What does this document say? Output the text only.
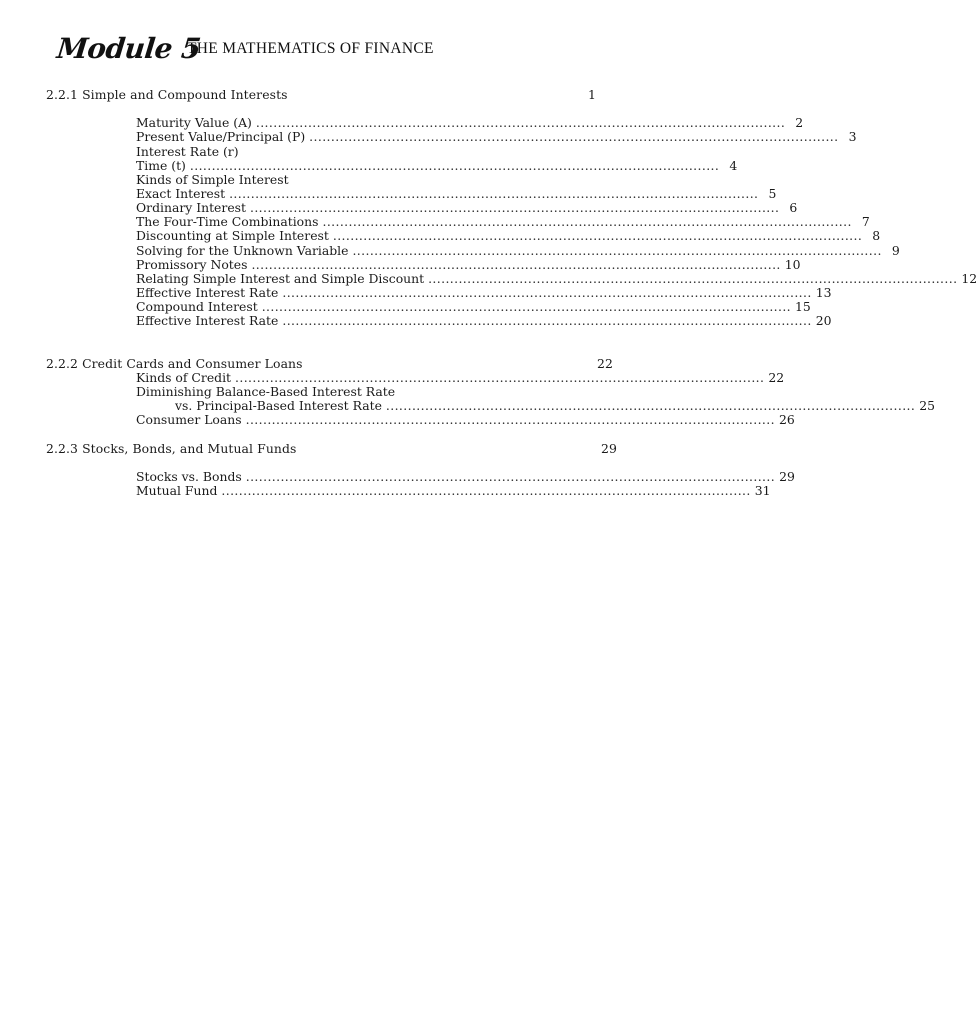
Module 5
THE MATHEMATICS OF FINANCE
2.2.1 Simple and Compound Interests	1
Maturity Value (A) .......................................................................................................................... 2
Present Value/Principal (P) .......................................................................................................................... 3
Interest Rate (r)
Time (t) .......................................................................................................................... 4
Kinds of Simple Interest
Exact Interest .......................................................................................................................... 5
Ordinary Interest .......................................................................................................................... 6
The Four-Time Combinations .......................................................................................................................... 7
Discounting at Simple Interest .......................................................................................................................... 8
Solving for the Unknown Variable .......................................................................................................................... 9
Promissory Notes .......................................................................................................................... 10
Relating Simple Interest and Simple Discount .......................................................................................................................... 12
Effective Interest Rate .......................................................................................................................... 13
Compound Interest .......................................................................................................................... 15
Effective Interest Rate .......................................................................................................................... 20
2.2.2 Credit Cards and Consumer Loans	22
Kinds of Credit .......................................................................................................................... 22
Diminishing Balance-Based Interest Rate
vs. Principal-Based Interest Rate .......................................................................................................................... 25
Consumer Loans .......................................................................................................................... 26
2.2.3 Stocks, Bonds, and Mutual Funds	29
Stocks vs. Bonds .......................................................................................................................... 29
Mutual Fund .......................................................................................................................... 31
